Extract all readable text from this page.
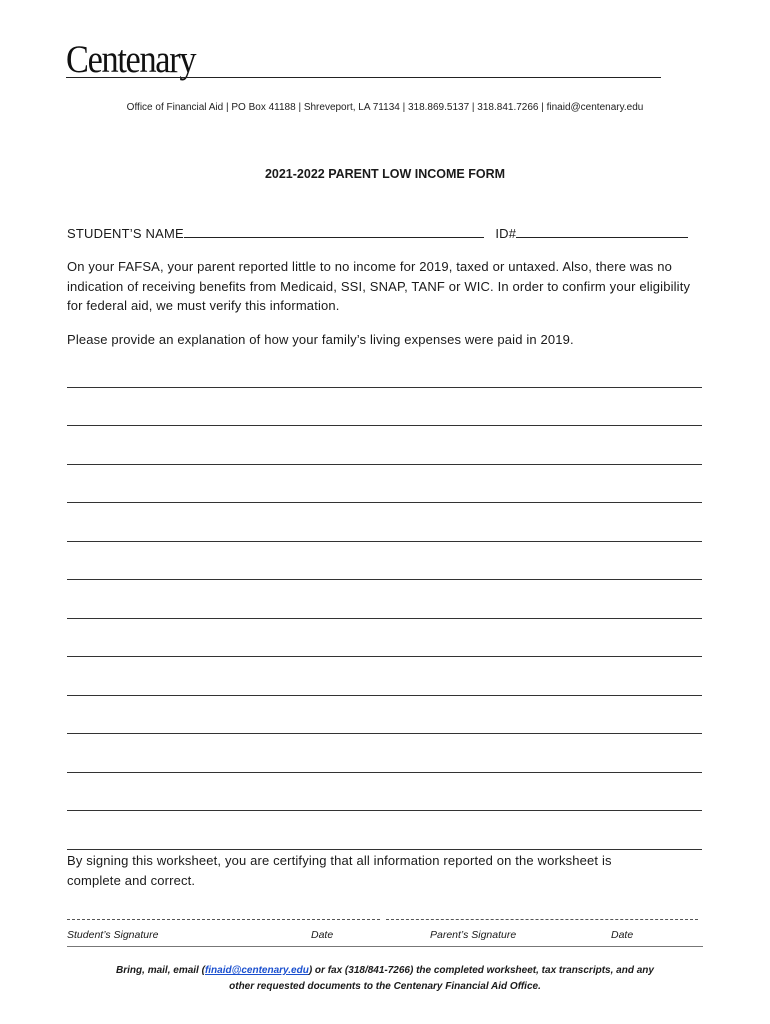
Centenary
Office of Financial Aid | PO Box 41188 | Shreveport, LA 71134 | 318.869.5137 | 318.841.7266 | finaid@centenary.edu
2021-2022 PARENT LOW INCOME FORM
STUDENT’S NAME	ID#
On your FAFSA, your parent reported little to no income for 2019, taxed or untaxed. Also, there was no indication of receiving benefits from Medicaid, SSI, SNAP, TANF or WIC. In order to confirm your eligibility for federal aid, we must verify this information.
Please provide an explanation of how your family’s living expenses were paid in 2019.
By signing this worksheet, you are certifying that all information reported on the worksheet is complete and correct.
Student’s Signature	Date	Parent’s Signature	Date
Bring, mail, email (finaid@centenary.edu) or fax (318/841-7266) the completed worksheet, tax transcripts, and any
other requested documents to the Centenary Financial Aid Office.
